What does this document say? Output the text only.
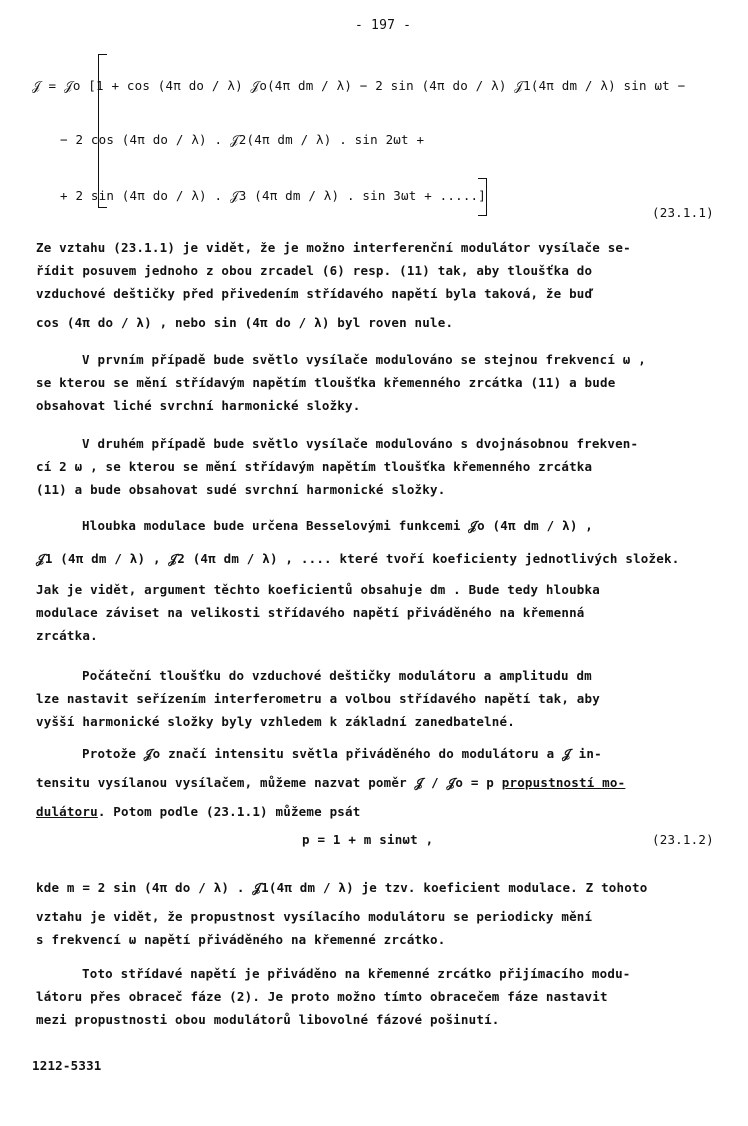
- 197 -
𝒥 = 𝒥o [1 + cos (4π do / λ) 𝒥o(4π dm / λ) − 2 sin (4π do / λ) 𝒥1(4π dm / λ) sin ωt −
− 2 cos (4π do / λ) . 𝒥2(4π dm / λ) . sin 2ωt +
+ 2 sin (4π do / λ) . 𝒥3 (4π dm / λ) . sin 3ωt + .....]
(23.1.1)
Ze vztahu (23.1.1) je vidět, že je možno interferenční modulátor vysílače se-
řídit posuvem jednoho z obou zrcadel (6) resp. (11) tak, aby tloušťka do
vzduchové deštičky před přivedením střídavého napětí byla taková, že buď
cos (4π do / λ) , nebo sin (4π do / λ) byl roven nule.
V prvním případě bude světlo vysílače modulováno se stejnou frekvencí ω ,
se kterou se mění střídavým napětím tloušťka křemenného zrcátka (11) a bude
obsahovat liché svrchní harmonické složky.
V druhém případě bude světlo vysílače modulováno s dvojnásobnou frekven-
cí 2 ω , se kterou se mění střídavým napětím tloušťka křemenného zrcátka
(11) a bude obsahovat sudé svrchní harmonické složky.
Hloubka modulace bude určena Besselovými funkcemi 𝒥o (4π dm / λ) ,
𝒥1 (4π dm / λ) , 𝒥2 (4π dm / λ) , .... které tvoří koeficienty jednotlivých složek.
Jak je vidět, argument těchto koeficientů obsahuje dm . Bude tedy hloubka
modulace záviset na velikosti střídavého napětí přiváděného na křemenná
zrcátka.
Počáteční tloušťku do vzduchové deštičky modulátoru a amplitudu dm
lze nastavit seřízením interferometru a volbou střídavého napětí tak, aby
vyšší harmonické složky byly vzhledem k základní zanedbatelné.
Protože 𝒥o značí intensitu světla přiváděného do modulátoru a 𝒥 in-
tensitu vysílanou vysílačem, můžeme nazvat poměr 𝒥 / 𝒥o = p propustností mo-
dulátoru. Potom podle (23.1.1) můžeme psát
p = 1 + m sinωt ,	(23.1.2)
kde m = 2 sin (4π do / λ) . 𝒥1(4π dm / λ) je tzv. koeficient modulace. Z tohoto
vztahu je vidět, že propustnost vysílacího modulátoru se periodicky mění
s frekvencí ω napětí přiváděného na křemenné zrcátko.
Toto střídavé napětí je přiváděno na křemenné zrcátko přijímacího modu-
látoru přes obraceč fáze (2). Je proto možno tímto obracečem fáze nastavit
mezi propustnosti obou modulátorů libovolné fázové pošinutí.
1212-5331
